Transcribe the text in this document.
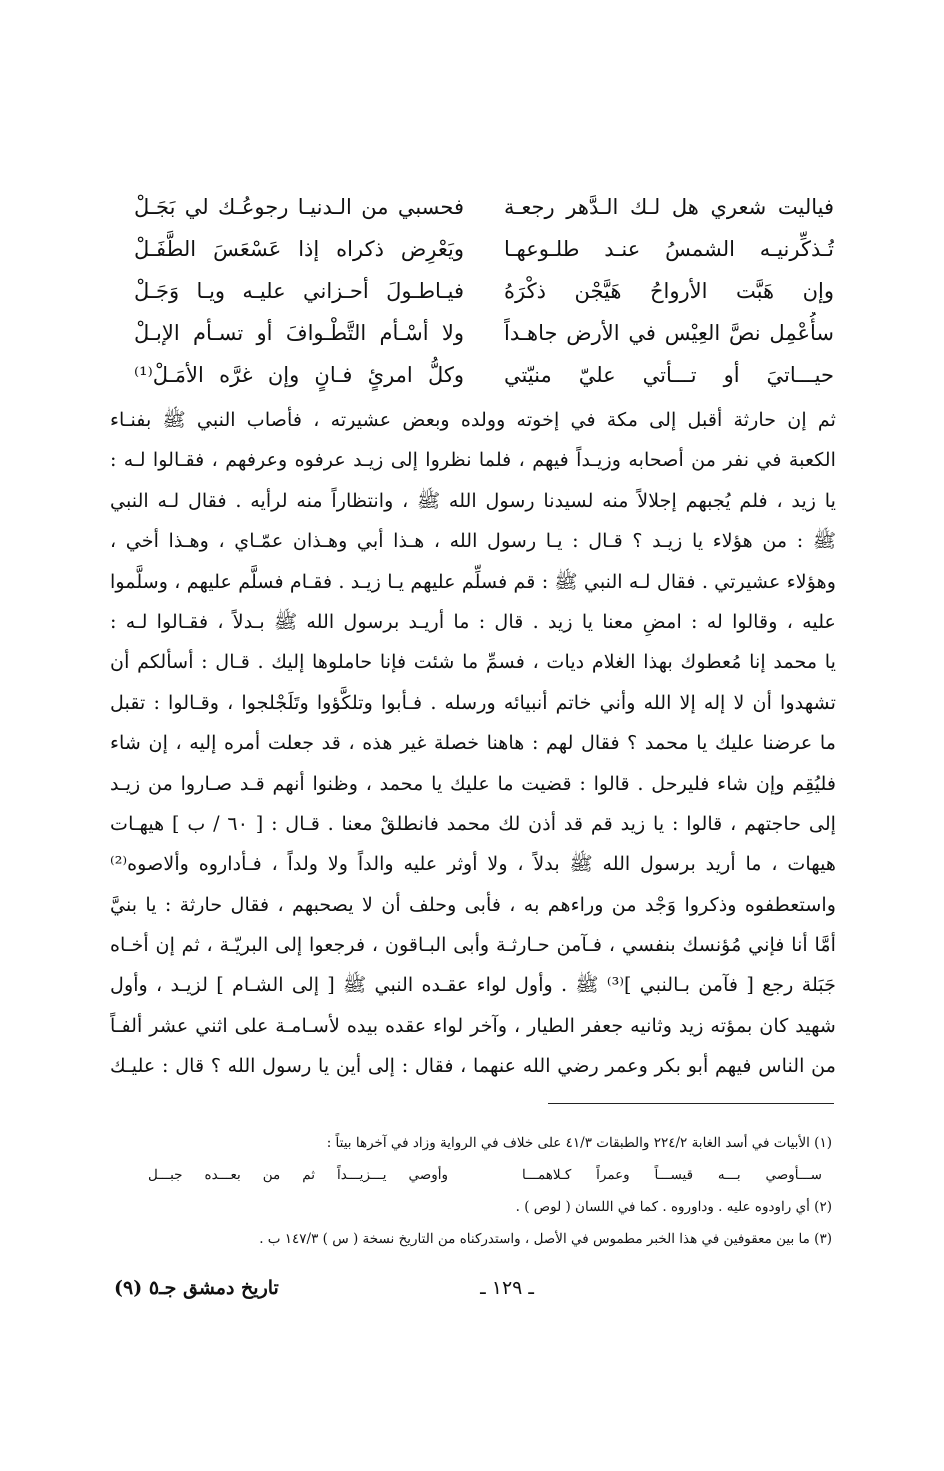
فياليت شعري هل لـك الـدَّهر رجعـة
فحسبي من الـدنيـا رجوعُـك لي بَجَـلْ
تُـذكِّرنيـه الشمسُ عنـد طلـوعهـا
ويَعْرِض ذكراه إذا عَسْعَسَ الطَّفَـلْ
وإن هَبَّت الأرواحُ هَيَّجْن ذكْرَهُ
فيـاطـولَ أحـزاني عليـه ويـا وَجَـلْ
سأُعْمِل نصَّ العِيْس في الأرض جاهـداً
ولا أسْـأم التَّطْـوافَ أو تسـأم الإبـلْ
حيـــاتيَ أو تـــأتي عليّ منيّتي
وكلُّ امرئٍ فـانٍ وإن غرَّه الأمَـلْ⁽¹⁾
ثم إن حارثة أقبل إلى مكة في إخوته وولده وبعض عشيرته ، فأصاب النبي ﷺ بفنـاء
الكعبة في نفر من أصحابه وزيـداً فيهم ، فلما نظروا إلى زيـد عرفوه وعرفهم ، فقـالوا لـه :
يا زيد ، فلم يُجبهم إجلالاً منه لسيدنا رسول الله ﷺ ، وانتظاراً منه لرأيه . فقال لـه النبي
ﷺ : من هؤلاء يا زيـد ؟ قـال : يـا رسول الله ، هـذا أبي وهـذان عمّـاي ، وهـذا أخي ،
وهؤلاء عشيرتي . فقال لـه النبي ﷺ : قم فسلِّم عليهم يـا زيـد . فقـام فسلَّم عليهم ، وسلَّموا
عليه ، وقالوا له : امضِ معنا يا زيد . قال : ما أريـد برسول الله ﷺ بـدلاً ، فقـالوا لـه :
يا محمد إنا مُعطوك بهذا الغلام ديات ، فسمِّ ما شئت فإنا حاملوها إليك . قـال : أسألكم أن
تشهدوا أن لا إله إلا الله وأني خاتم أنبيائه ورسله . فـأبوا وتلكَّؤوا وتَلَجْلجوا ، وقـالوا : تقبل
ما عرضنا عليك يا محمد ؟ فقال لهم : هاهنا خصلة غير هذه ، قد جعلت أمره إليه ، إن شاء
فليُقِم وإن شاء فليرحل . قالوا : قضيت ما عليك يا محمد ، وظنوا أنهم قـد صـاروا من زيـد
إلى حاجتهم ، قالوا : يا زيد قم قد أذن لك محمد فانطلقْ معنا . قـال : [ ٦٠ / ب ] هيهـات
هيهات ، ما أريد برسول الله ﷺ بدلاً ، ولا أوثر عليه والداً ولا ولداً ، فـأداروه وألاصوه⁽²⁾
واستعطفوه وذكروا وَجْد من وراءهم به ، فأبى وحلف أن لا يصحبهم ، فقال حارثة : يا بنيَّ
أمَّا أنا فإني مُؤنسك بنفسي ، فـآمن حـارثـة وأبى البـاقون ، فرجعوا إلى البريّـة ، ثم إن أخـاه
جَبَلة رجع [ فآمن بـالنبي ]⁽³⁾ ﷺ . وأول لواء عقـده النبي ﷺ [ إلى الشـام ] لزيـد ، وأول
شهيد كان بمؤته زيد وثانيه جعفر الطيار ، وآخر لواء عقده بيده لأسـامـة على اثني عشر ألفـاً
من الناس فيهم أبو بكر وعمر رضي الله عنهما ، فقال : إلى أين يا رسول الله ؟ قال : عليـك
(١) الأبيات في أسد الغابة ٢٢٤/٢ والطبقات ٤١/٣ على خلاف في الرواية وزاد في آخرها بيتاً :
ســـأوصي بـــه قيســـاً وعمراً كـلاهمـــا
وأوصي يـــزيـــداً ثم من بعـــده جبـــل
(٢) أي راودوه عليه . وداوروه . كما في اللسان ( لوص ) .
(٣) ما بين معقوفين في هذا الخبر مطموس في الأصل ، واستدركناه من التاريخ نسخة ( س ) ١٤٧/٣ ب .
ـ ١٢٩ ـ
تاريخ دمشق جـ٥ (٩)
